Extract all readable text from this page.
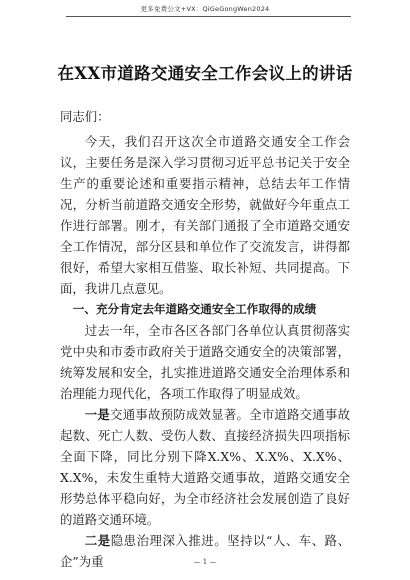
更多免费公文+VX：QiGeGongWen2024
在XX市道路交通安全工作会议上的讲话

同志们：

今天，我们召开这次全市道路交通安全工作会议，主要任务是深入学习贯彻习近平总书记关于安全生产的重要论述和重要指示精神，总结去年工作情况，分析当前道路交通安全形势，就做好今年重点工作进行部署。刚才，有关部门通报了全市道路交通安全工作情况，部分区县和单位作了交流发言，讲得都很好，希望大家相互借鉴、取长补短、共同提高。下面，我讲几点意见。

一、充分肯定去年道路交通安全工作取得的成绩

过去一年，全市各区各部门各单位认真贯彻落实党中央和市委市政府关于道路交通安全的决策部署，统筹发展和安全，扎实推进道路交通安全治理体系和治理能力现代化，各项工作取得了明显成效。

一是交通事故预防成效显著。全市道路交通事故起数、死亡人数、受伤人数、直接经济损失四项指标全面下降，同比分别下降X.X%、X.X%、X.X%、X.X%，未发生重特大道路交通事故，道路交通安全形势总体平稳向好，为全市经济社会发展创造了良好的道路交通环境。

二是隐患治理深入推进。坚持以“人、车、路、企”为重	— 1 —
